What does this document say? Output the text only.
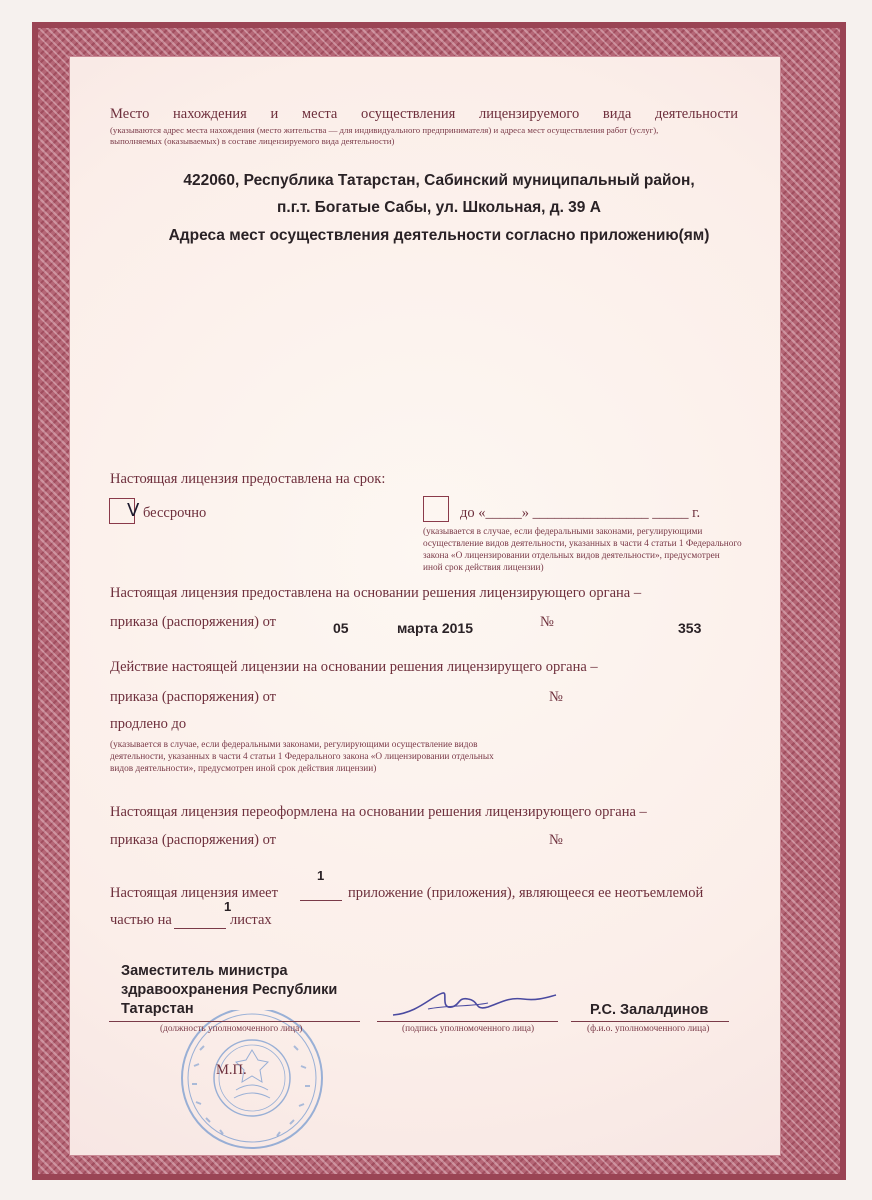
Место нахождения и места осуществления лицензируемого вида деятельности
(указываются адрес места нахождения (место жительства — для индивидуального предпринимателя) и адреса мест осуществления работ (услуг),
выполняемых (оказываемых) в составе лицензируемого вида деятельности)
422060, Республика Татарстан, Сабинский муниципальный район,
п.г.т. Богатые Сабы, ул. Школьная, д. 39 А
Адреса мест осуществления деятельности согласно приложению(ям)
Настоящая лицензия предоставлена на срок:
V бессрочно	до «_____» ________________ _____ г.
(указывается в случае, если федеральными законами, регулирующими
осуществление видов деятельности, указанных в части 4 статьи 1 Федерального
закона «О лицензировании отдельных видов деятельности», предусмотрен
иной срок действия лицензии)
Настоящая лицензия предоставлена на основании решения лицензирующего органа –
приказа (распоряжения) от	05	марта 2015	№	353
Действие настоящей лицензии на основании решения лицензирущего органа –
приказа (распоряжения) от	№
продлено до
(указывается в случае, если федеральными законами, регулирующими осуществление видов
деятельности, указанных в части 4 статьи 1 Федерального закона «О лицензировании отдельных
видов деятельности», предусмотрен иной срок действия лицензии)
Настоящая лицензия переоформлена на основании решения лицензирующего органа –
приказа (распоряжения) от	№
Настоящая лицензия имеет
1
приложение (приложения), являющееся ее неотъемлемой
частью на
1
листах
М.П.
Заместитель министра
здравоохранения Республики
Татарстан
(должность уполномоченного лица)	(подпись уполномоченного лица)
Р.С. Залалдинов
(ф.и.о. уполномоченного лица)
